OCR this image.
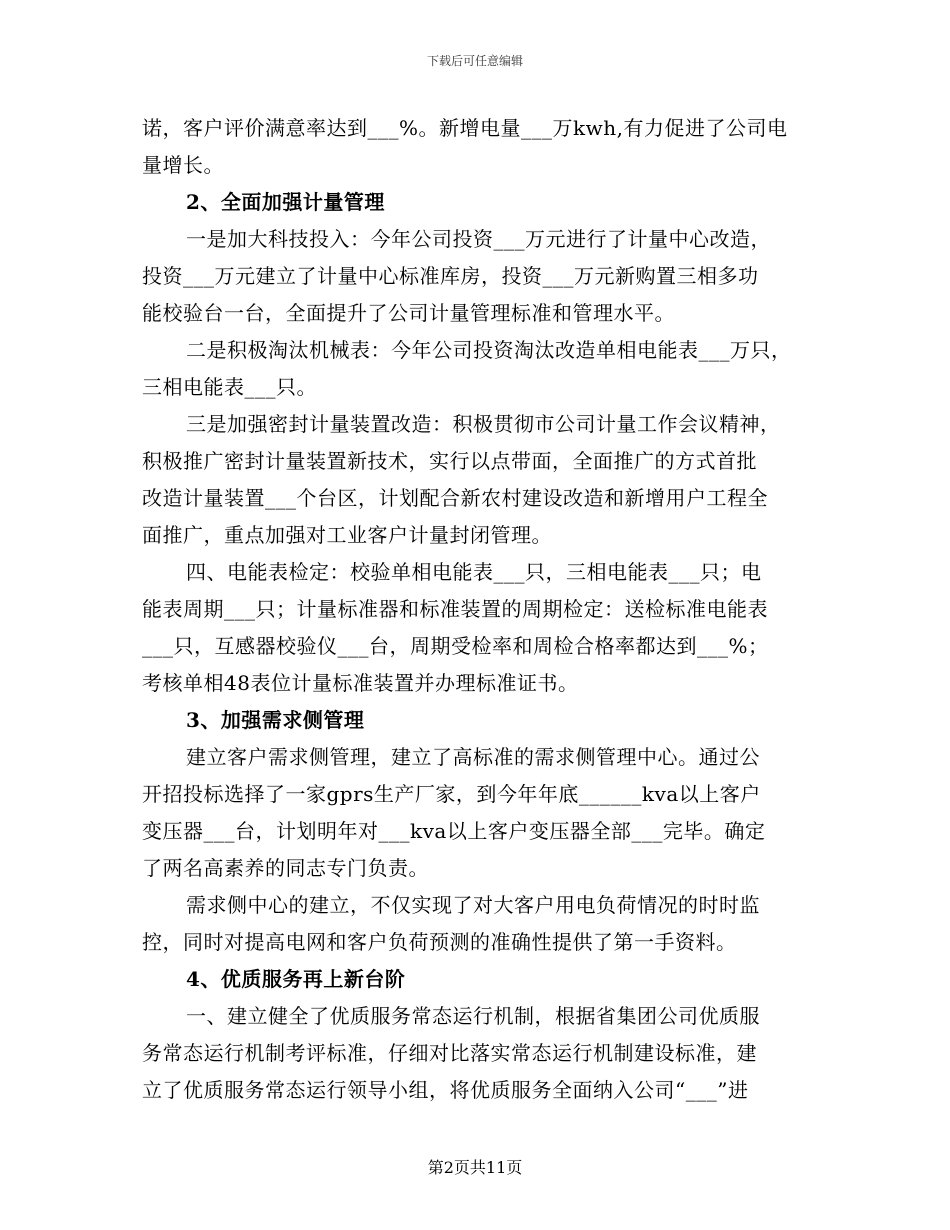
下载后可任意编辑
诺，客户评价满意率达到___%。新增电量___万kwh,有力促进了公司电
量增长。
2、全面加强计量管理
一是加大科技投入：今年公司投资___万元进行了计量中心改造，
投资___万元建立了计量中心标准库房，投资___万元新购置三相多功
能校验台一台，全面提升了公司计量管理标准和管理水平。
二是积极淘汰机械表：今年公司投资淘汰改造单相电能表___万只，
三相电能表___只。
三是加强密封计量装置改造：积极贯彻市公司计量工作会议精神，
积极推广密封计量装置新技术，实行以点带面，全面推广的方式首批
改造计量装置___个台区，计划配合新农村建设改造和新增用户工程全
面推广，重点加强对工业客户计量封闭管理。
四、电能表检定：校验单相电能表___只，三相电能表___只；电
能表周期___只；计量标准器和标准装置的周期检定：送检标准电能表
___只，互感器校验仪___台，周期受检率和周检合格率都达到___%；
考核单相48表位计量标准装置并办理标准证书。
3、加强需求侧管理
建立客户需求侧管理，建立了高标准的需求侧管理中心。通过公
开招投标选择了一家gprs生产厂家，到今年年底______kva以上客户
变压器___台，计划明年对___kva以上客户变压器全部___完毕。确定
了两名高素养的同志专门负责。
需求侧中心的建立，不仅实现了对大客户用电负荷情况的时时监
控，同时对提高电网和客户负荷预测的准确性提供了第一手资料。
4、优质服务再上新台阶
一、建立健全了优质服务常态运行机制，根据省集团公司优质服
务常态运行机制考评标准，仔细对比落实常态运行机制建设标准，建
立了优质服务常态运行领导小组，将优质服务全面纳入公司“___”进
第2页共11页
